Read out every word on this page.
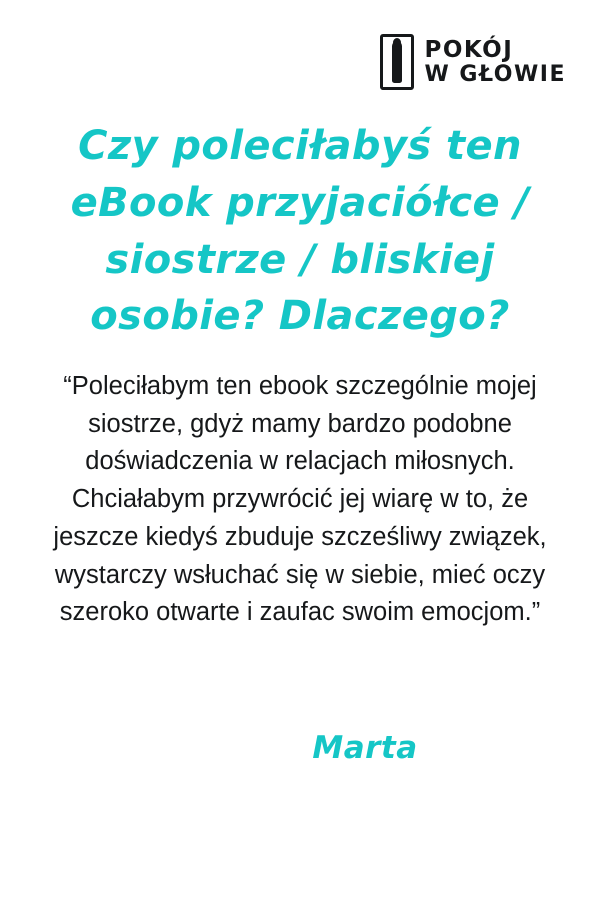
POKÓJ
W GŁOWIE
Czy poleciłabyś ten eBook przyjaciółce / siostrze / bliskiej osobie? Dlaczego?
“Poleciłabym ten ebook szczególnie mojej siostrze, gdyż mamy bardzo podobne doświadczenia w relacjach miłosnych. Chciałabym przywrócić jej wiarę w to, że jeszcze kiedyś zbuduje szcześliwy związek, wystarczy wsłuchać się w siebie, mieć oczy szeroko otwarte i zaufac swoim emocjom.”
Marta
